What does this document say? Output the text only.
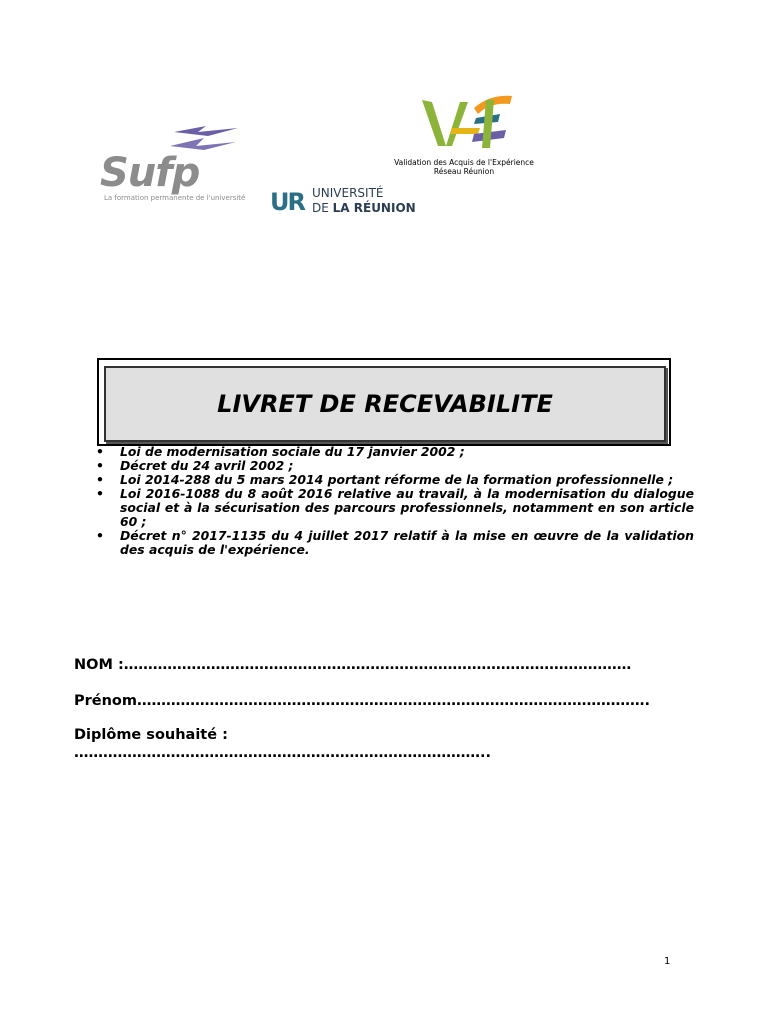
Sufp
La formation permanente de l'université
Validation des Acquis de l'Expérience
Réseau Réunion
UR UNIVERSITÉ
DE LA RÉUNION
LIVRET DE RECEVABILITE
• Loi de modernisation sociale du 17 janvier 2002 ;
• Décret du 24 avril 2002 ;
• Loi 2014-288 du 5 mars 2014 portant réforme de la formation professionnelle ;
• Loi 2016-1088 du 8 août 2016 relative au travail, à la modernisation du dialogue social et à la sécurisation des parcours professionnels, notamment en son article 60 ;
• Décret n° 2017-1135 du 4 juillet 2017 relatif à la mise en œuvre de la validation des acquis de l'expérience.
NOM :……………………………………………………………………………………………
Prénom…………………………………………………………………………………………….
Diplôme souhaité :
…………………………………………………………………………..
1
